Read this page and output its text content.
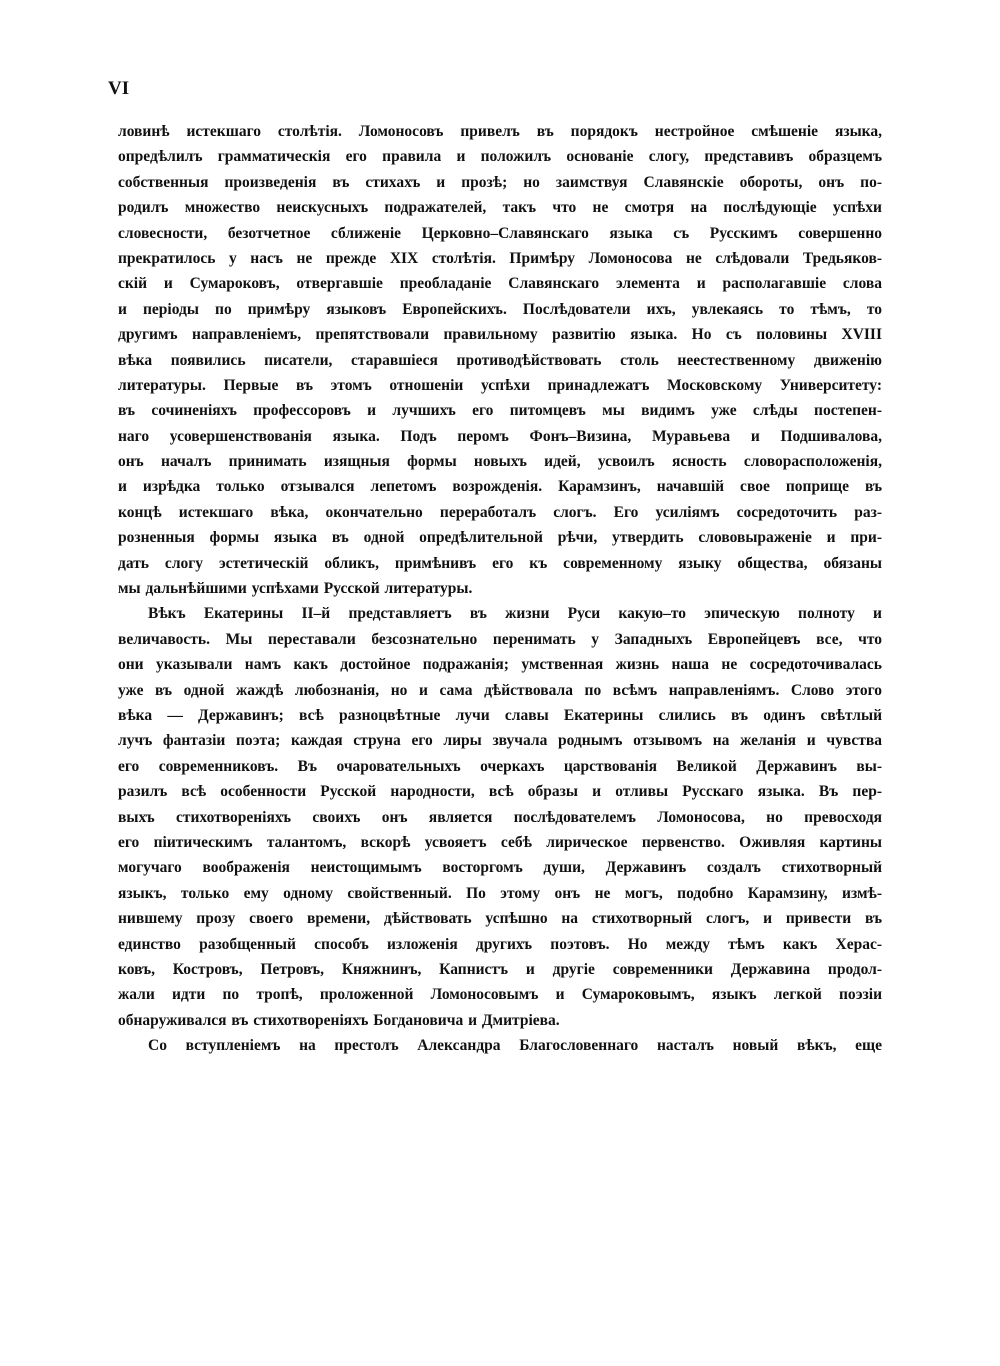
VI
ловинѣ истекшаго столѣтія. Ломоносовъ привелъ въ порядокъ нестройное смѣшеніе языка,
опредѣлилъ грамматическія его правила и положилъ основаніе слогу, представивъ образцемъ
собственныя произведенія въ стихахъ и прозѣ; но заимствуя Славянскіе обороты, онъ по-
родилъ множество неискусныхъ подражателей, такъ что не смотря на послѣдующіе успѣхи
словесности, безотчетное сближеніе Церковно–Славянскаго языка съ Русскимъ совершенно
прекратилось у насъ не прежде XIX столѣтія. Примѣру Ломоносова не слѣдовали Тредьяков-
скій и Сумароковъ, отвергавшіе преобладаніе Славянскаго элемента и располагавшіе слова
и періоды по примѣру языковъ Европейскихъ. Послѣдователи ихъ, увлекаясь то тѣмъ, то
другимъ направленіемъ, препятствовали правильному развитію языка. Но съ половины XVIII
вѣка появились писатели, старавшіеся противодѣйствовать столь неестественному движенію
литературы. Первые въ этомъ отношеніи успѣхи принадлежатъ Московскому Университету:
въ сочиненіяхъ профессоровъ и лучшихъ его питомцевъ мы видимъ уже слѣды постепен-
наго усовершенствованія языка. Подъ перомъ Фонъ–Визина, Муравьева и Подшивалова,
онъ началъ принимать изящныя формы новыхъ идей, усвоилъ ясность словорасположенія,
и изрѣдка только отзывался лепетомъ возрожденія. Карамзинъ, начавшій свое поприще въ
концѣ истекшаго вѣка, окончательно переработалъ слогъ. Его усиліямъ сосредоточить раз-
розненныя формы языка въ одной опредѣлительной рѣчи, утвердить слововыраженіе и при-
дать слогу эстетическій обликъ, примѣнивъ его къ современному языку общества, обязаны
мы дальнѣйшими успѣхами Русской литературы.
Вѣкъ Екатерины II–й представляетъ въ жизни Руси какую–то эпическую полноту и
величавость. Мы переставали безсознательно перенимать у Западныхъ Европейцевъ все, что
они указывали намъ какъ достойное подражанія; умственная жизнь наша не сосредоточивалась
уже въ одной жаждѣ любознанія, но и сама дѣйствовала по всѣмъ направленіямъ. Слово этого
вѣка — Державинъ; всѣ разноцвѣтные лучи славы Екатерины слились въ одинъ свѣтлый
лучъ фантазіи поэта; каждая струна его лиры звучала роднымъ отзывомъ на желанія и чувства
его современниковъ. Въ очаровательныхъ очеркахъ царствованія Великой Державинъ вы-
разилъ всѣ особенности Русской народности, всѣ образы и отливы Русскаго языка. Въ пер-
выхъ стихотвореніяхъ своихъ онъ является послѣдователемъ Ломоносова, но превосходя
его піитическимъ талантомъ, вскорѣ усвояетъ себѣ лирическое первенство. Оживляя картины
могучаго воображенія неистощимымъ восторгомъ души, Державинъ создалъ стихотворный
языкъ, только ему одному свойственный. По этому онъ не могъ, подобно Карамзину, измѣ-
нившему прозу своего времени, дѣйствовать успѣшно на стихотворный слогъ, и привести въ
единство разобщенный способъ изложенія другихъ поэтовъ. Но между тѣмъ какъ Херас-
ковъ, Костровъ, Петровъ, Княжнинъ, Капнистъ и другіе современники Державина продол-
жали идти по тропѣ, проложенной Ломоносовымъ и Сумароковымъ, языкъ легкой поэзіи
обнаруживался въ стихотвореніяхъ Богдановича и Дмитріева.
Со вступленіемъ на престолъ Александра Благословеннаго насталъ новый вѣкъ, еще
